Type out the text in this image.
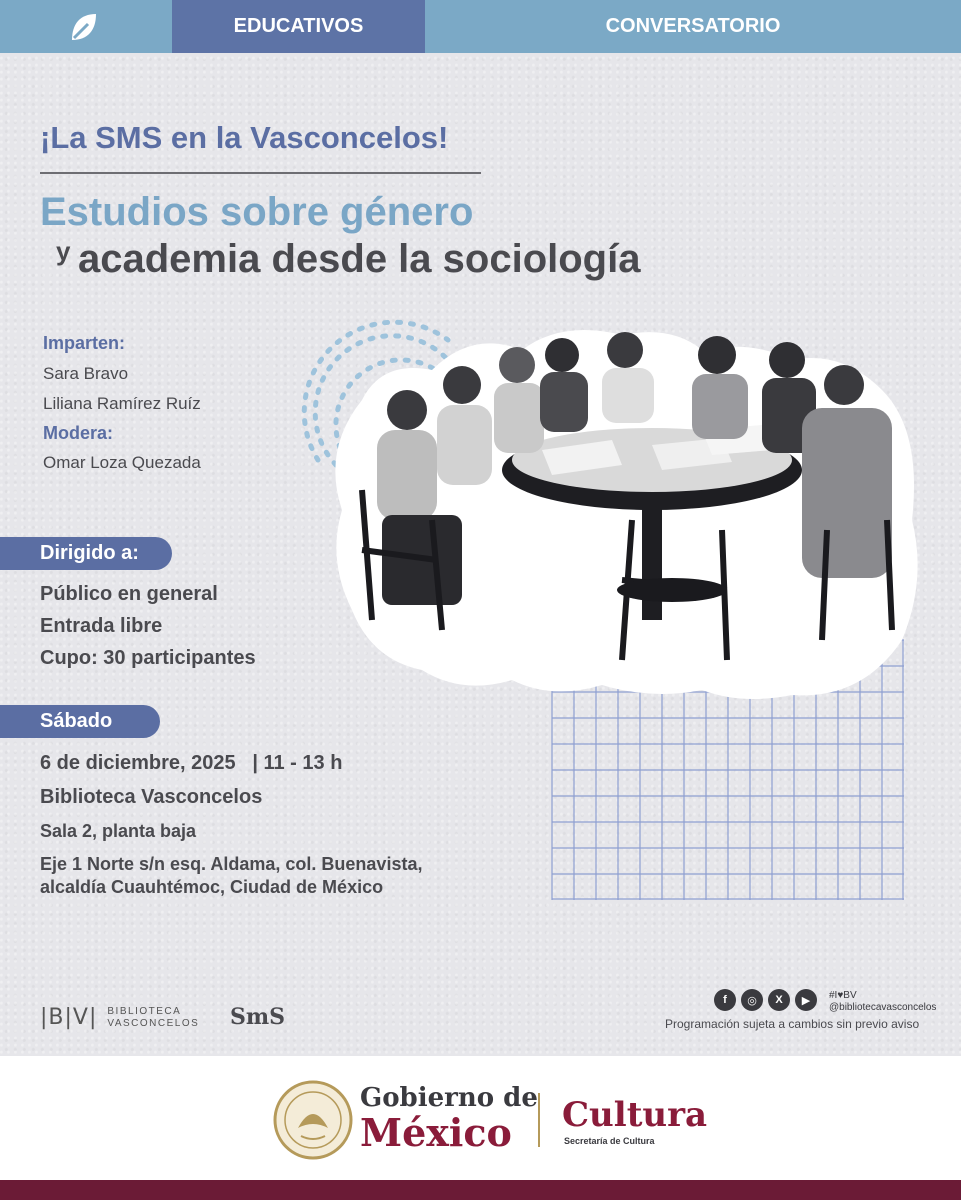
EDUCATIVOS	CONVERSATORIO
¡La SMS en la Vasconcelos!
Estudios sobre género
y academia desde la sociología
Imparten:
Sara Bravo
Liliana Ramírez Ruíz
Modera:
Omar Loza Quezada
Dirigido a:
Público en general
Entrada libre
Cupo: 30 participantes
Sábado
6 de diciembre, 2025   | 11 - 13 h
Biblioteca Vasconcelos
Sala 2, planta baja
Eje 1 Norte s/n esq. Aldama, col. Buenavista,
alcaldía Cuauhtémoc, Ciudad de México
|B|V| BIBLIOTECA
VASCONCELOS SmS
f	◎	X	▶	#I♥BV
@bibliotecavasconcelos
Programación sujeta a cambios sin previo aviso
Gobierno de
México Cultura
Secretaría de Cultura
